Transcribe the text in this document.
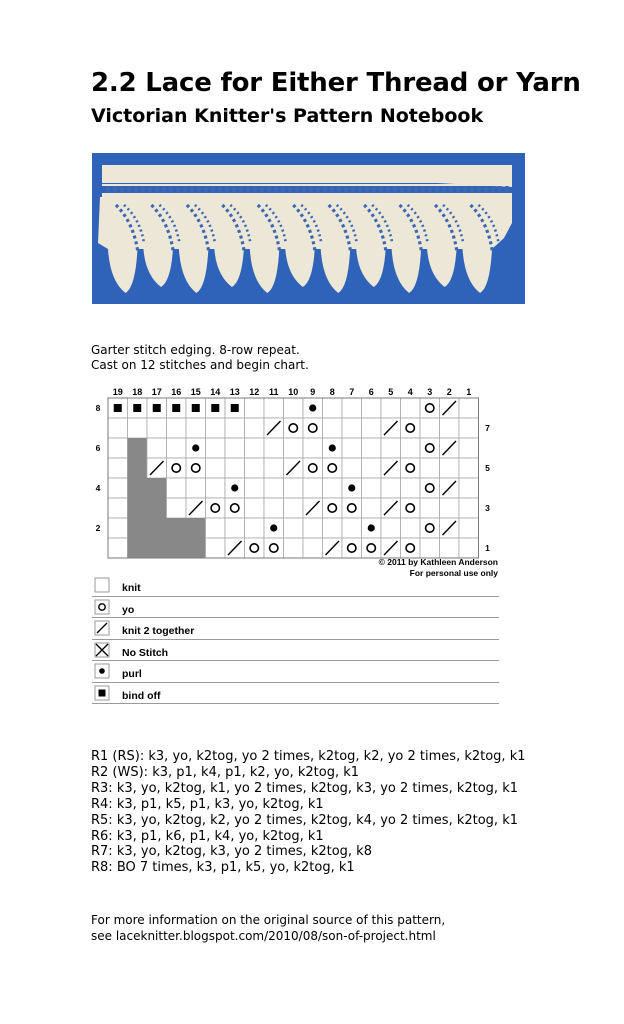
2.2 Lace for Either Thread or Yarn
Victorian Knitter's Pattern Notebook
Garter stitch edging. 8-row repeat.
Cast on 12 stitches and begin chart.
19 18 17 16 15 14 13 12 11 10 9 8 7 6 5 4 3 2 1
8
7
6
5
4
3
2
1
© 2011 by Kathleen Anderson
For personal use only
knit
yo
knit 2 together
No Stitch
purl
bind off
R1 (RS): k3, yo, k2tog, yo 2 times, k2tog, k2, yo 2 times, k2tog, k1
R2 (WS): k3, p1, k4, p1, k2, yo, k2tog, k1
R3: k3, yo, k2tog, k1, yo 2 times, k2tog, k3, yo 2 times, k2tog, k1
R4: k3, p1, k5, p1, k3, yo, k2tog, k1
R5: k3, yo, k2tog, k2, yo 2 times, k2tog, k4, yo 2 times, k2tog, k1
R6: k3, p1, k6, p1, k4, yo, k2tog, k1
R7: k3, yo, k2tog, k3, yo 2 times, k2tog, k8
R8: BO 7 times, k3, p1, k5, yo, k2tog, k1
For more information on the original source of this pattern,
see laceknitter.blogspot.com/2010/08/son-of-project.html
